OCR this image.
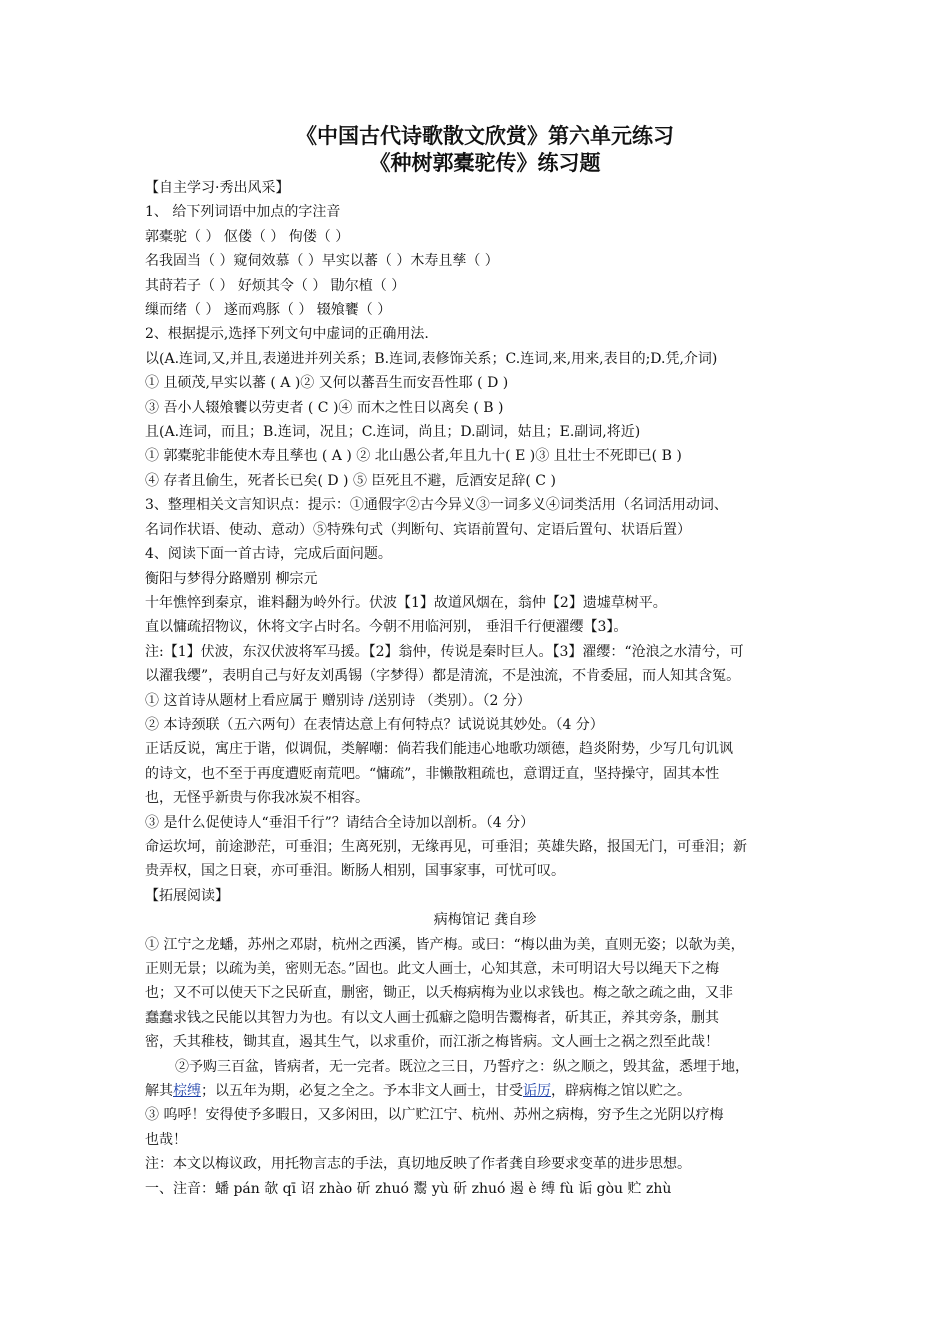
《中国古代诗歌散文欣赏》第六单元练习
《种树郭橐驼传》练习题
【自主学习·秀出风采】
1、 给下列词语中加点的字注音
郭橐驼（ ） 伛偻（ ） 佝偻（ ）
名我固当（ ）窥伺效慕（ ）早实以蕃（ ）木寿且孳（ ）
其莳若子（ ） 好烦其令（ ） 勖尔植（ ）
缫而绪（ ） 遂而鸡豚（ ） 辍飧饔（ ）
2、根据提示,选择下列文句中虚词的正确用法.
以(A.连词,又,并且,表递进并列关系；B.连词,表修饰关系；C.连词,来,用来,表目的;D.凭,介词)
① 且硕茂,早实以蕃 ( A )② 又何以蕃吾生而安吾性耶 ( D )
③ 吾小人辍飧饔以劳吏者 ( C )④ 而木之性日以离矣 ( B )
且(A.连词，而且；B.连词，况且；C.连词，尚且；D.副词，姑且；E.副词,将近)
① 郭橐驼非能使木寿且孳也 ( A ) ② 北山愚公者,年且九十( E )③ 且壮士不死即已( B )
④ 存者且偷生，死者长已矣( D ) ⑤ 臣死且不避，卮酒安足辞( C )
3、整理相关文言知识点：提示：①通假字②古今异义③一词多义④词类活用（名词活用动词、
名词作状语、使动、意动）⑤特殊句式（判断句、宾语前置句、定语后置句、状语后置）
4、阅读下面一首古诗，完成后面问题。
衡阳与梦得分路赠别 柳宗元
十年憔悴到秦京，谁料翻为岭外行。伏波【1】故道风烟在，翁仲【2】遗墟草树平。
直以慵疏招物议，休将文字占时名。今朝不用临河别， 垂泪千行便濯缨【3】。
注:【1】伏波，东汉伏波将军马援。【2】翁仲，传说是秦时巨人。【3】濯缨：“沧浪之水清兮，可
以濯我缨”，表明自己与好友刘禹锡（字梦得）都是清流，不是浊流，不肯委屈，而人知其含冤。
① 这首诗从题材上看应属于 赠别诗 /送别诗 （类别）。（2 分）
② 本诗颈联（五六两句）在表情达意上有何特点？试说说其妙处。（4 分）
正话反说，寓庄于谐，似调侃，类解嘲：倘若我们能违心地歌功颂德，趋炎附势，少写几句讥讽
的诗文，也不至于再度遭贬南荒吧。“慵疏”，非懒散粗疏也，意谓迂直，坚持操守，固其本性
也，无怪乎新贵与你我冰炭不相容。
③ 是什么促使诗人“垂泪千行”？请结合全诗加以剖析。（4 分）
命运坎坷，前途渺茫，可垂泪；生离死别，无缘再见，可垂泪；英雄失路，报国无门，可垂泪；新
贵弄权，国之日衰，亦可垂泪。断肠人相别，国事家事，可忧可叹。
【拓展阅读】
病梅馆记 龚自珍
① 江宁之龙蟠，苏州之邓尉，杭州之西溪，皆产梅。或曰：“梅以曲为美，直则无姿；以欹为美，
正则无景；以疏为美，密则无态。”固也。此文人画士，心知其意，未可明诏大号以绳天下之梅
也；又不可以使天下之民斫直，删密，锄正，以夭梅病梅为业以求钱也。梅之欹之疏之曲，又非
蠢蠢求钱之民能以其智力为也。有以文人画士孤癖之隐明告鬻梅者，斫其正，养其旁条，删其
密，夭其稚枝，锄其直，遏其生气，以求重价，而江浙之梅皆病。文人画士之祸之烈至此哉！
②予购三百盆，皆病者，无一完者。既泣之三日，乃誓疗之：纵之顺之，毁其盆，悉埋于地，
解其棕缚；以五年为期，必复之全之。予本非文人画士，甘受诟厉，辟病梅之馆以贮之。
③ 呜呼！安得使予多暇日，又多闲田，以广贮江宁、杭州、苏州之病梅，穷予生之光阴以疗梅
也哉！
注：本文以梅议政，用托物言志的手法，真切地反映了作者龚自珍要求变革的进步思想。
一、注音：蟠 pán 欹 qī 诏 zhào 斫 zhuó 鬻 yù 斫 zhuó 遏 è 缚 fù 诟 gòu 贮 zhù
